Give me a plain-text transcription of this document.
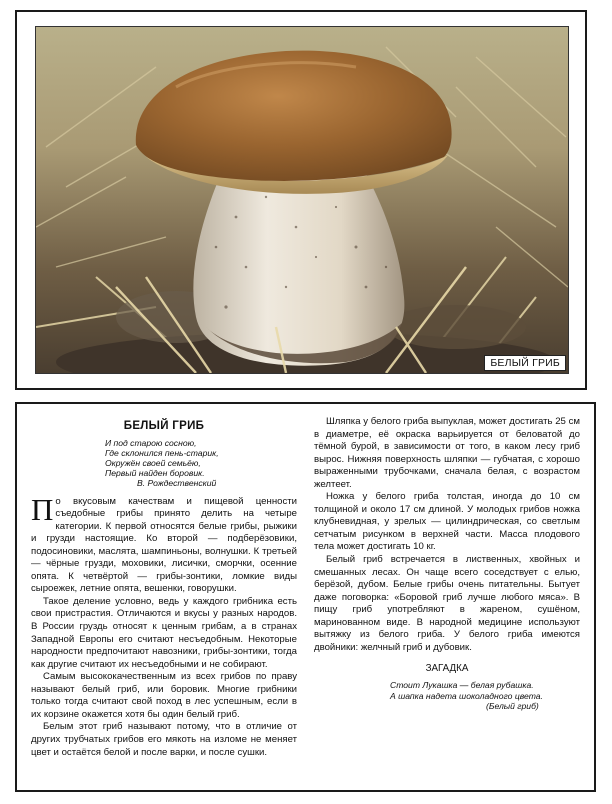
БЕЛЫЙ ГРИБ
БЕЛЫЙ ГРИБ
И под старою сосною,
Где склонился пень-старик,
Окружён своей семьёю,
Первый найден боровик.
В. Рождественский

По вкусовым качествам и пищевой ценности съедобные грибы принято делить на четыре категории. К первой относятся белые грибы, рыжики и грузди настоящие. Ко второй — подберёзовики, подосиновики, маслята, шампиньоны, волнушки. К третьей — чёрные грузди, моховики, лисички, сморчки, осенние опята. К четвёртой — грибы-зонтики, ломкие виды сыроежек, летние опята, вешенки, говорушки.

Такое деление условно, ведь у каждого грибника есть свои пристрастия. Отличаются и вкусы у разных народов. В России груздь относят к ценным грибам, а в странах Западной Европы его считают несъедобным. Некоторые народности предпочитают навозники, грибы-зонтики, тогда как другие считают их несъедобными и не собирают.

Самым высококачественным из всех грибов по праву называют белый гриб, или боровик. Многие грибники только тогда считают свой поход в лес успешным, если в их корзине окажется хотя бы один белый гриб.

Белым этот гриб называют потому, что в отличие от других трубчатых грибов его мякоть на изломе не меняет цвет и остаётся белой и после варки, и после сушки.

Шляпка у белого гриба выпуклая, может достигать 25 см в диаметре, её окраска варьируется от беловатой до тёмной бурой, в зависимости от того, в каком лесу гриб вырос. Нижняя поверхность шляпки — губчатая, с хорошо выраженными трубочками, сначала белая, с возрастом желтеет.

Ножка у белого гриба толстая, иногда до 10 см толщиной и около 17 см длиной. У молодых грибов ножка клубневидная, у зрелых — цилиндрическая, со светлым сетчатым рисунком в верхней части. Масса плодового тела может достигать 10 кг.

Белый гриб встречается в лиственных, хвойных и смешанных лесах. Он чаще всего соседствует с елью, берёзой, дубом. Белые грибы очень питательны. Бытует даже поговорка: «Боровой гриб лучше любого мяса». В пищу гриб употребляют в жареном, сушёном, маринованном виде. В народной медицине используют вытяжку из белого гриба. У белого гриба имеются двойники: желчный гриб и дубовик.

ЗАГАДКА
Стоит Лукашка — белая рубашка.
А шапка надета шоколадного цвета.
(Белый гриб)
